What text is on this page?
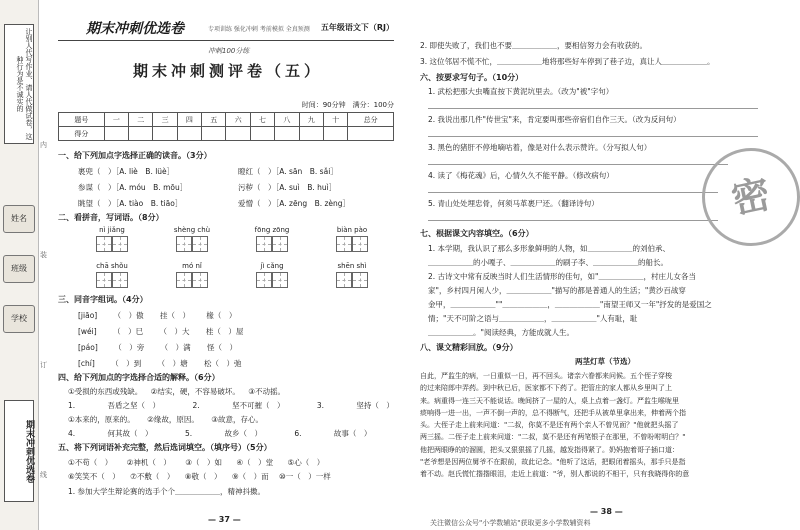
让别人代写作业、请人代做试卷，这种行为是不诚实的
姓名
班级
学校
期末冲刺优选卷
内
装
订
线
期末冲刺优选卷	专项训练 强化冲刺 考前模拟 全真预测 五年级语文下（RJ）
冲刺100分练
期末冲刺测评卷（五）
时间：90分钟　满分：100分
题号	一	二	三	四	五	六	七	八	九	十	总分
得分											
一、给下列加点字选择正确的读音。（3分）
裹兜（　）［A. liè　B. lüè］	瞪红（　）［A. sān　B. sǎi］
参谋（　）［A. móu　B. mōu］	污秽（　）［A. suì　B. huì］
眺望（　）［A. tiào　B. tiāo］	爱憎（　）［A. zēng　B. zèng］
二、看拼音，写词语。（8分）
nì jiǎng	shèng chù	fōng zōng	biàn pào
chā shǒu	mó nǐ	jì cǎng	shēn shì
三、同音字组词。（4分）
[jiāo] （　）傲 挂（　） 椽（　）
[wéi] （　）巳 （　）大 桂（　）屋
[páo] （　）旁 （　）满 怪（　）
[chí] （　）到 （　）塘 松（　）弛
四、给下列加点的字选择合适的解释。（6分）
①受损的东西或残缺。 ②结实，硬，不容易破坏。 ③不动摇。
1. 吾盾之坚（　）	2. 坚不可摧（　）	3. 坚持（　）
①本来的，原来的。 ②缘故，原因。 ③故意，存心。
4. 何其故（　）	5. 故乡（　）	6. 故事（　）
五、将下列词语补充完整，然后选词填空。（填序号）（5分）
①不苟（　） ②神机（　） ③（　）如 ④（　）堂 ⑤心（　）
⑥笑笑不（　） ⑦不敷（　） ⑧敬（　） ⑨（　）而 ⑩一（　）一样
1. 参加大学生辩论赛的选手个个＿＿＿＿＿＿，精神抖擞。
— 37 —
2. 即使失败了，我们也不要＿＿＿＿＿＿，要相信努力会有收获的。
3. 这位邻居不慌不忙，＿＿＿＿＿＿地将那些好车停到了巷子边，真让人＿＿＿＿＿＿。
六、按要求写句子。（10分）
1. 武松把那大虫嘴直按下黄泥坑里去。（改为"被"字句）
2. 我说出那几件"传世宝"来，肯定要叫那些帝宿们自作三天。（改为反问句）
3. 黑色的猪肝不停地嘀咕着，像是对什么表示赞许。（分写拟人句）
4. 读了《梅花魂》后，心情久久不能平静。（修改病句）
5. 青山处处埋忠骨，何须马革裹尸还。（翻译诗句）
七、根据课文内容填空。（6分）
1. 本学期，我认识了那么多形象鲜明的人物，如＿＿＿＿＿＿的刘伯承、
＿＿＿＿＿＿的小嘎子、＿＿＿＿＿＿的刷子李、＿＿＿＿＿＿的船长。
2. 古诗文中常有反映当时人们生活情形的佳句，如"＿＿＿＿＿＿，村庄儿女各当
家"，乡村四月闲人少，＿＿＿＿＿＿"描写的都是普通人的生活；"黄沙百战穿
金甲，＿＿＿＿＿＿""＿＿＿＿＿＿，＿＿＿＿＿＿"南望王师又一年"抒发的是爱国之
情；"天不可阶之语与＿＿＿＿＿＿，＿＿＿＿＿＿"人有耻，耻
＿＿＿＿＿＿。"阅读经典，方能成就人生。
八、课文精彩回放。（9分）
两茎灯草（节选）
自此，严监生的病，一日重似一日，再不回头。诸亲六眷都来问候。五个侄子穿梭
的过来陪郎中弄药。到中秋已后，医家都不下药了。把管庄的家人都从乡里叫了上
来。病重得一连三天不能说话。晚间挤了一屋的人，桌上点着一盏灯。严监生喉咙里
痰响得一进一出，一声不倒一声的，总不得断气，还把手从被单里拿出来，伸着两个指
头。大侄子走上前来问道："二叔，你莫不是还有两个亲人不曾见面？"他就把头摇了
两三摇。二侄子走上前来问道："二叔，莫不是还有两笔银子在那里，不曾吩咐明白？"
他把两眼睁的的溜圆，把头又狠狠摇了几摇，越发指得紧了。奶妈抱着哥子插口道：
"老爷想是因两位舅爷不在跟前，故此记念。"他听了这话，把眼闭着摇头，那手只是指
着不动。赵氏慌忙揩揩眼泪，走近上前道："爷，别人都说的不相干，只有我晓得你的意
— 38 —
密
关注微信公众号"小学数辅站"获取更多小学数辅资料
